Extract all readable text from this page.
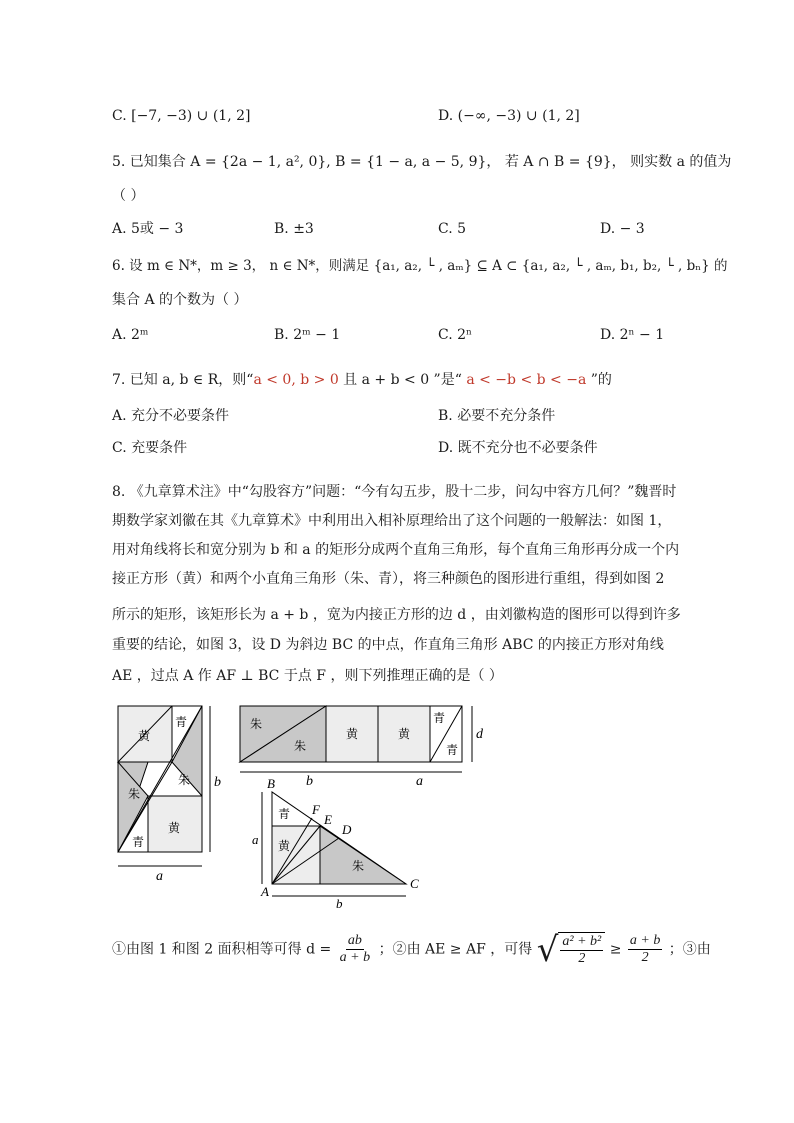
C. [−7, −3) ∪ (1, 2]	D. (−∞, −3) ∪ (1, 2]
5. 已知集合 A = {2a − 1, a², 0}, B = {1 − a, a − 5, 9}， 若 A ∩ B = {9}， 则实数 a 的值为
（ ）
A. 5或 − 3	B. ±3	C. 5	D. − 3
6. 设 m ∈ N*，m ≥ 3， n ∈ N*，则满足 {a₁, a₂, └ , aₘ} ⊆ A ⊂ {a₁, a₂, └ , aₘ, b₁, b₂, └ , bₙ} 的
集合 A 的个数为（ ）
A. 2ᵐ	B. 2ᵐ − 1	C. 2ⁿ	D. 2ⁿ − 1
7. 已知 a, b ∈ R，则“a < 0, b > 0 且 a + b < 0 ”是“ a < −b < b < −a ”的
A. 充分不必要条件	B. 必要不充分条件
C. 充要条件	D. 既不充分也不必要条件
8. 《九章算术注》中“勾股容方”问题：“今有勾五步，股十二步，问勾中容方几何？”魏晋时
期数学家刘徽在其《九章算术》中利用出入相补原理给出了这个问题的一般解法：如图 1，
用对角线将长和宽分别为 b 和 a 的矩形分成两个直角三角形，每个直角三角形再分成一个内
接正方形（黄）和两个小直角三角形（朱、青），将三种颜色的图形进行重组，得到如图 2
所示的矩形，该矩形长为 a + b ，宽为内接正方形的边 d ，由刘徽构造的图形可以得到许多
重要的结论，如图 3，设 D 为斜边 BC 的中点，作直角三角形 ABC 的内接正方形对角线
AE ，过点 A 作 AF ⊥ BC 于点 F ，则下列推理正确的是（ ）
黄
青
朱
朱
黄
青
b
a
朱
朱
黄	黄
青
青
d
b	a
B
F
E
D
A
C
青
黄
朱
a
b
①由图 1 和图 2 面积相等可得 $d = \frac{ab}{a + b}$ ；②由 AE ≥ AF ，可得 √ $\frac{\text{a² + b²}}{2} \ge \frac{a + b}{2}$ ；③由
